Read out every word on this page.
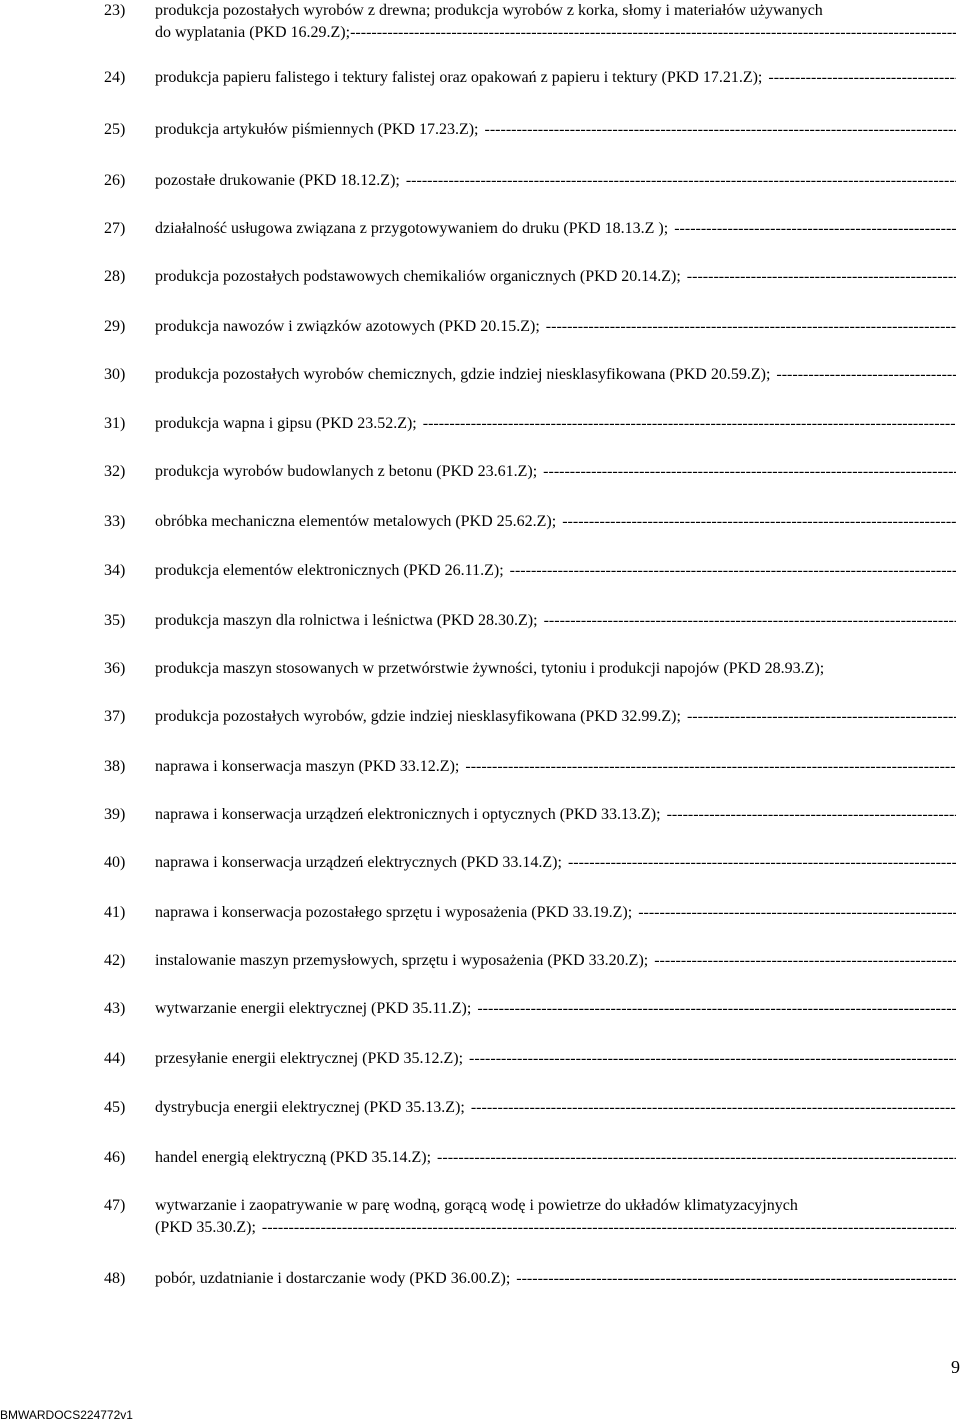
23) produkcja pozostałych wyrobów z drewna; produkcja wyrobów z korka, słomy i materiałów używanych
do wyplatania (PKD 16.29.Z);
-----
24) produkcja papieru falistego i tektury falistej oraz opakowań z papieru i tektury (PKD 17.21.Z);
-----
25) produkcja artykułów piśmiennych (PKD 17.23.Z);
-----
26) pozostałe drukowanie (PKD 18.12.Z);
-----
27) działalność usługowa związana z przygotowywaniem do druku (PKD 18.13.Z );
-----
28) produkcja pozostałych podstawowych chemikaliów organicznych (PKD 20.14.Z);
-----
29) produkcja nawozów i związków azotowych (PKD 20.15.Z);
-----
30) produkcja pozostałych wyrobów chemicznych, gdzie indziej niesklasyfikowana (PKD 20.59.Z);
-----
31) produkcja wapna i gipsu (PKD 23.52.Z);
-----
32) produkcja wyrobów budowlanych z betonu (PKD 23.61.Z);
-----
33) obróbka mechaniczna elementów metalowych (PKD 25.62.Z);
-----
34) produkcja elementów elektronicznych (PKD 26.11.Z);
-----
35) produkcja maszyn dla rolnictwa i leśnictwa (PKD 28.30.Z);
-----
36) produkcja maszyn stosowanych w przetwórstwie żywności, tytoniu i produkcji napojów (PKD 28.93.Z);
37) produkcja pozostałych wyrobów, gdzie indziej niesklasyfikowana (PKD 32.99.Z);
-----
38) naprawa i konserwacja maszyn (PKD 33.12.Z);
-----
39) naprawa i konserwacja urządzeń elektronicznych i optycznych (PKD 33.13.Z);
-----
40) naprawa i konserwacja urządzeń elektrycznych (PKD 33.14.Z);
-----
41) naprawa i konserwacja pozostałego sprzętu i wyposażenia (PKD 33.19.Z);
-----
42) instalowanie maszyn przemysłowych, sprzętu i wyposażenia (PKD 33.20.Z);
-----
43) wytwarzanie energii elektrycznej (PKD 35.11.Z);
-----
44) przesyłanie energii elektrycznej (PKD 35.12.Z);
-----
45) dystrybucja energii elektrycznej (PKD 35.13.Z);
-----
46) handel energią elektryczną (PKD 35.14.Z);
-----
47) wytwarzanie i zaopatrywanie w parę wodną, gorącą wodę i powietrze do układów klimatyzacyjnych
(PKD 35.30.Z);
-----
48) pobór, uzdatnianie i dostarczanie wody (PKD 36.00.Z);
-----
9
BMWARDOCS224772v1
